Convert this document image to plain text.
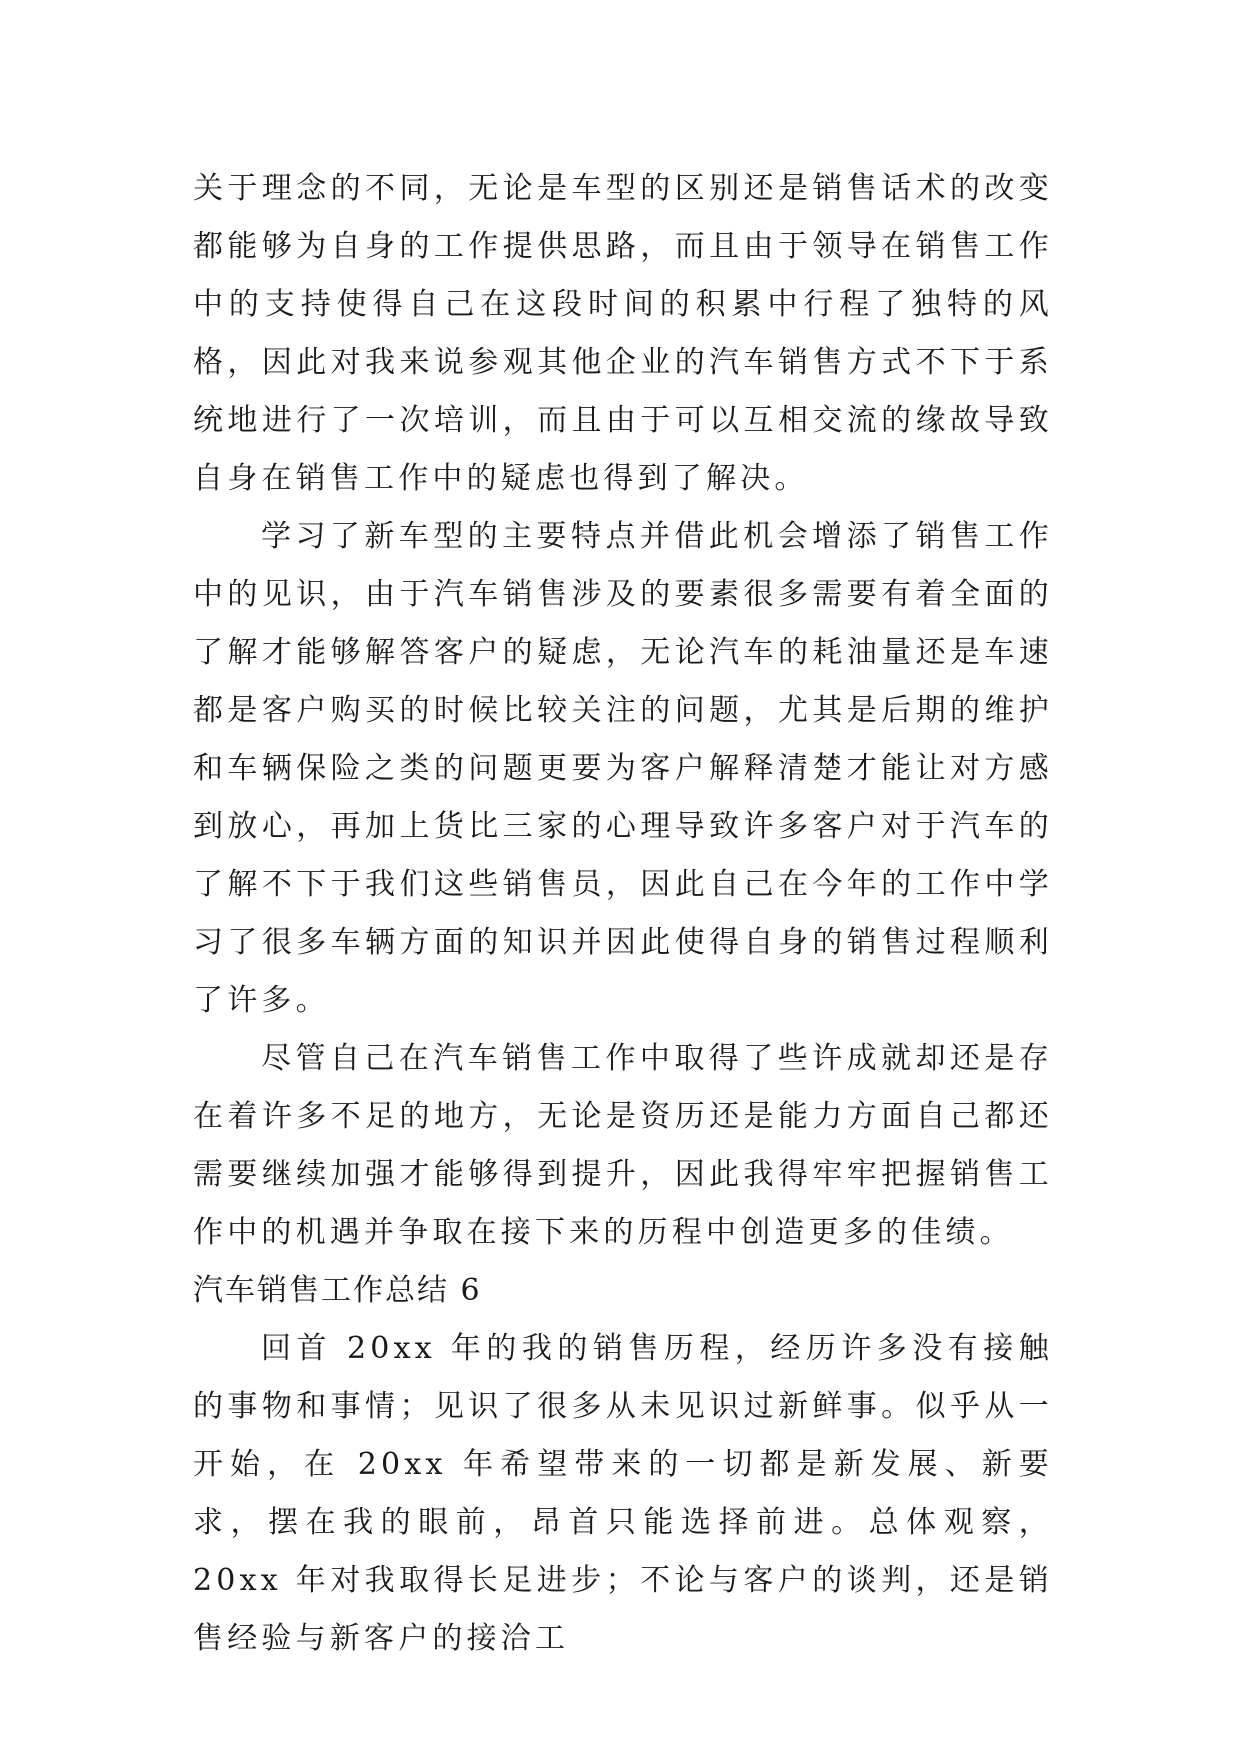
关于理念的不同，无论是车型的区别还是销售话术的改变都能够为自身的工作提供思路，而且由于领导在销售工作中的支持使得自己在这段时间的积累中行程了独特的风格，因此对我来说参观其他企业的汽车销售方式不下于系统地进行了一次培训，而且由于可以互相交流的缘故导致自身在销售工作中的疑虑也得到了解决。

学习了新车型的主要特点并借此机会增添了销售工作中的见识，由于汽车销售涉及的要素很多需要有着全面的了解才能够解答客户的疑虑，无论汽车的耗油量还是车速都是客户购买的时候比较关注的问题，尤其是后期的维护和车辆保险之类的问题更要为客户解释清楚才能让对方感到放心，再加上货比三家的心理导致许多客户对于汽车的了解不下于我们这些销售员，因此自己在今年的工作中学习了很多车辆方面的知识并因此使得自身的销售过程顺利了许多。

尽管自己在汽车销售工作中取得了些许成就却还是存在着许多不足的地方，无论是资历还是能力方面自己都还需要继续加强才能够得到提升，因此我得牢牢把握销售工作中的机遇并争取在接下来的历程中创造更多的佳绩。

汽车销售工作总结 6

回首 20xx 年的我的销售历程，经历许多没有接触的事物和事情；见识了很多从未见识过新鲜事。似乎从一开始，在 20xx 年希望带来的一切都是新发展、新要求，摆在我的眼前，昂首只能选择前进。总体观察，20xx 年对我取得长足进步；不论与客户的谈判，还是销售经验与新客户的接洽工
